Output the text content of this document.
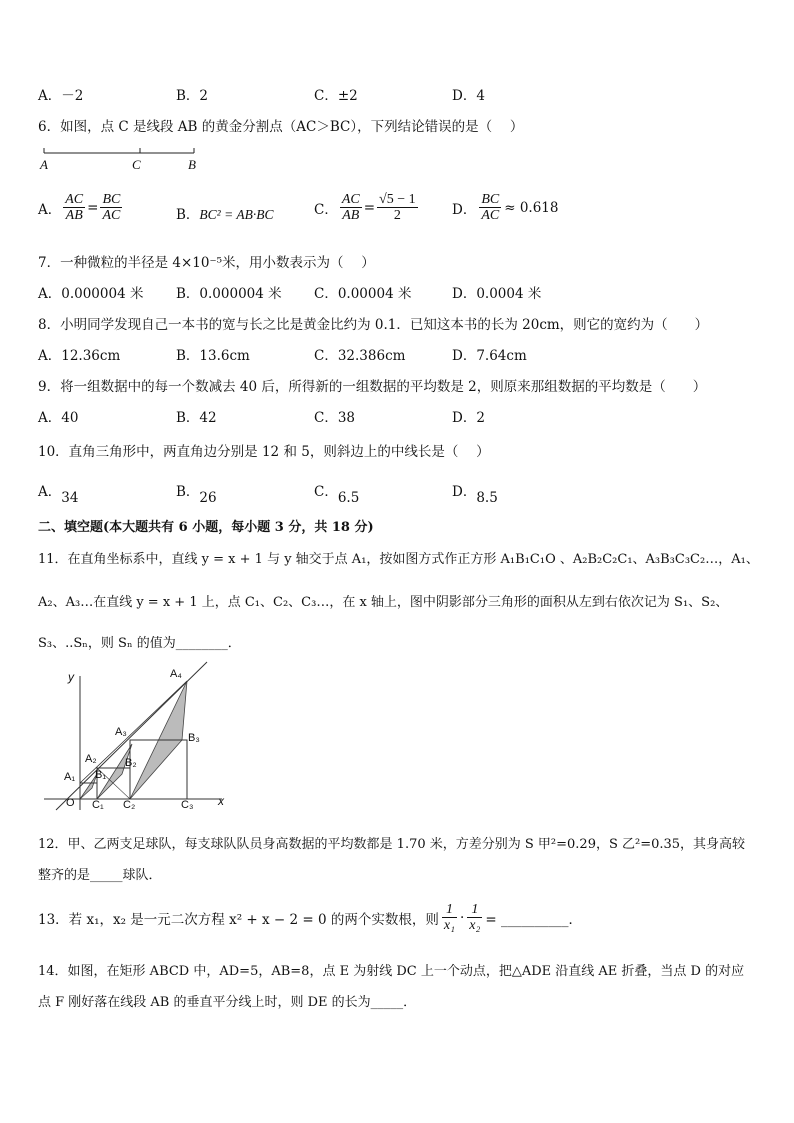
A．－2	B．2	C．±2	D．4
6．如图，点 C 是线段 AB 的黄金分割点（AC＞BC），下列结论错误的是（　 ）
A	C	B
A． $\frac{AC}{AB} = \frac{BC}{AC}$	B．BC² = AB·BC	C． $\frac{AC}{AB} = \frac{√5 - 1}{2}$	D． $\frac{BC}{AC} \approx 0.618$
7．一种微粒的半径是 4×10⁻⁵米，用小数表示为（　 ）
A．0.000004 米 B．0.000004 米 C．0.00004 米	D．0.0004 米
8．小明同学发现自己一本书的宽与长之比是黄金比约为 0.1．已知这本书的长为 20cm，则它的宽约为（　　）
A．12.36cm	B．13.6cm	C．32.386cm	D．7.64cm
9．将一组数据中的每一个数减去 40 后，所得新的一组数据的平均数是 2，则原来那组数据的平均数是（　　）
A．40	B．42	C．38	D．2
10．直角三角形中，两直角边分别是 12 和 5，则斜边上的中线长是（　 ）
A．34	B．26	C．6.5	D．8.5
二、填空题(本大题共有 6 小题，每小题 3 分，共 18 分)
11．在直角坐标系中，直线 y = x + 1 与 y 轴交于点 A₁，按如图方式作正方形 A₁B₁C₁O 、A₂B₂C₂C₁、A₃B₃C₃C₂…，A₁、
A₂、A₃…在直线 y = x + 1 上，点 C₁、C₂、C₃…，在 x 轴上，图中阴影部分三角形的面积从左到右依次记为 S₁、S₂、
S₃、..Sₙ，则 Sₙ 的值为________．
y
x
O
A₁
A₂
A₃
A₄
B₁
B₂
B₃
C₁ C₂	C₃
12．甲、乙两支足球队，每支球队队员身高数据的平均数都是 1.70 米，方差分别为 S 甲²=0.29，S 乙²=0.35，其身高较
整齐的是_____球队．
13．若 x₁，x₂ 是一元二次方程 x² + x − 2 = 0 的两个实数根，则 $\frac{1}{\text{x₁}} \cdot \frac{1}{\text{x₂}}$ = __________．
14．如图，在矩形 ABCD 中，AD=5，AB=8，点 E 为射线 DC 上一个动点，把△ADE 沿直线 AE 折叠，当点 D 的对应
点 F 刚好落在线段 AB 的垂直平分线上时，则 DE 的长为_____．
